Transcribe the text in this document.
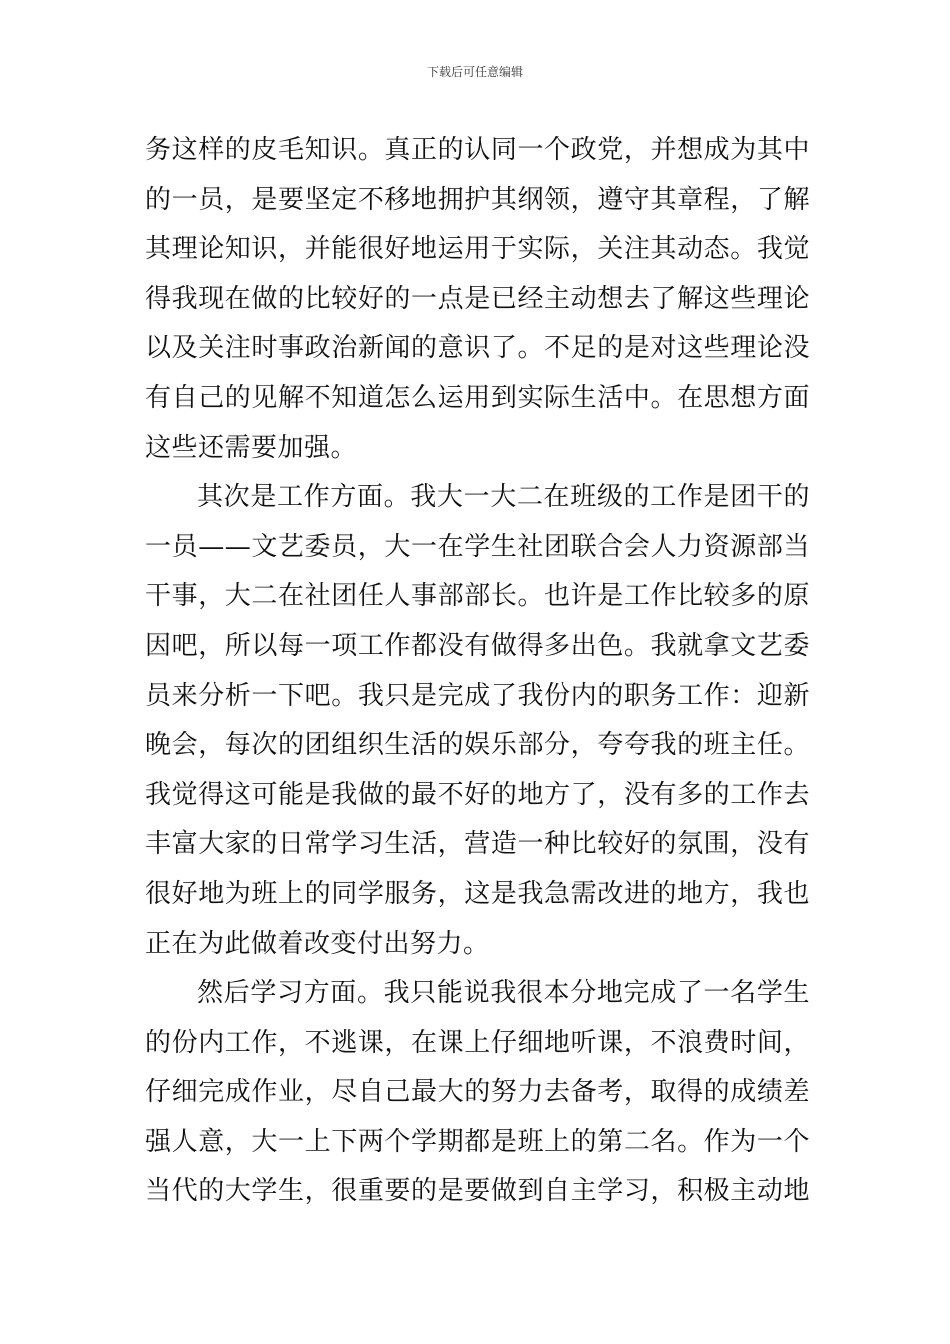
下载后可任意编辑
务这样的皮毛知识。真正的认同一个政党，并想成为其中
的一员，是要坚定不移地拥护其纲领，遵守其章程，了解
其理论知识，并能很好地运用于实际，关注其动态。我觉
得我现在做的比较好的一点是已经主动想去了解这些理论
以及关注时事政治新闻的意识了。不足的是对这些理论没
有自己的见解不知道怎么运用到实际生活中。在思想方面
这些还需要加强。
其次是工作方面。我大一大二在班级的工作是团干的
一员——文艺委员，大一在学生社团联合会人力资源部当
干事，大二在社团任人事部部长。也许是工作比较多的原
因吧，所以每一项工作都没有做得多出色。我就拿文艺委
员来分析一下吧。我只是完成了我份内的职务工作：迎新
晚会，每次的团组织生活的娱乐部分，夸夸我的班主任。
我觉得这可能是我做的最不好的地方了，没有多的工作去
丰富大家的日常学习生活，营造一种比较好的氛围，没有
很好地为班上的同学服务，这是我急需改进的地方，我也
正在为此做着改变付出努力。
然后学习方面。我只能说我很本分地完成了一名学生
的份内工作，不逃课，在课上仔细地听课，不浪费时间，
仔细完成作业，尽自己最大的努力去备考，取得的成绩差
强人意，大一上下两个学期都是班上的第二名。作为一个
当代的大学生，很重要的是要做到自主学习，积极主动地
